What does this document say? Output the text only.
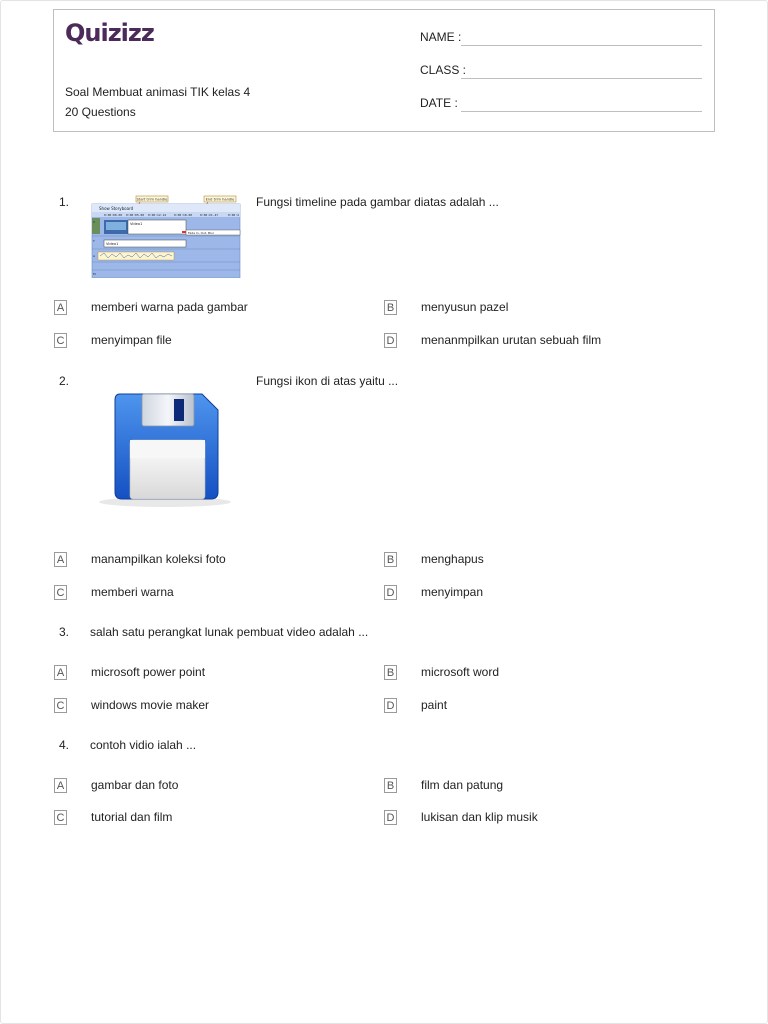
Quizizz
Soal Membuat animasi TIK kelas 4
20 Questions
NAME :
CLASS :
DATE :
1.	Start trim handle	End trim handle
Show Storyboard
0:00:00.00 0:00:05.00 0:00:12.14	0:00:18.00	0:00:21.47	0:00:4
Video1
Fade In, Out, Blur
Video1
V
T
A
M
Fungsi timeline pada gambar diatas adalah ...
A memberi warna pada gambar	B menyusun pazel
C menyimpan file	D menanmpilkan urutan sebuah film
2.	Fungsi ikon di atas yaitu ...
A manampilkan koleksi foto	B menghapus
C memberi warna	D menyimpan
3. salah satu perangkat lunak pembuat video adalah ...
A microsoft power point	B microsoft word
C windows movie maker	D paint
4. contoh vidio ialah ...
A gambar dan foto	B film dan patung
C tutorial dan film	D lukisan dan klip musik
